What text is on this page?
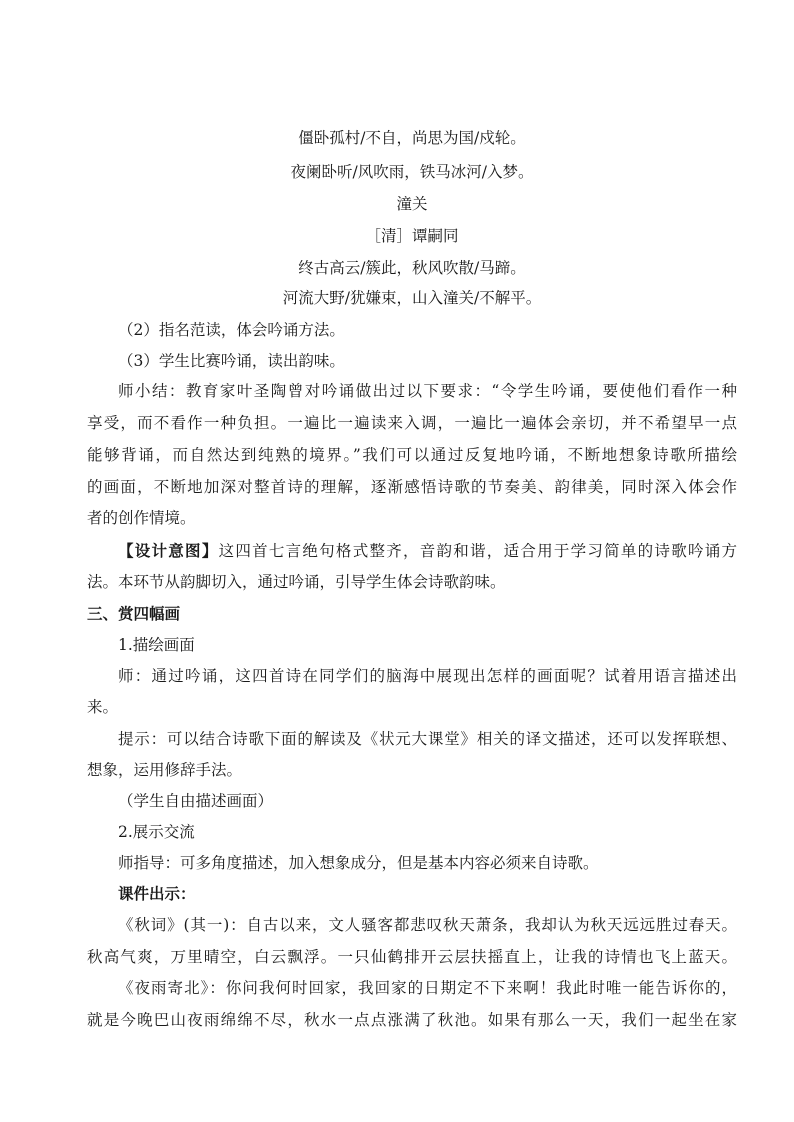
僵卧孤村/不自，尚思为国/戍轮。
夜阑卧听/风吹雨，铁马冰河/入梦。
潼关
［清］谭嗣同
终古高云/簇此，秋风吹散/马蹄。
河流大野/犹嫌束，山入潼关/不解平。
（2）指名范读，体会吟诵方法。
（3）学生比赛吟诵，读出韵味。
师小结：教育家叶圣陶曾对吟诵做出过以下要求：“令学生吟诵，要使他们看作一种
享受，而不看作一种负担。一遍比一遍读来入调，一遍比一遍体会亲切，并不希望早一点
能够背诵，而自然达到纯熟的境界。”我们可以通过反复地吟诵，不断地想象诗歌所描绘
的画面，不断地加深对整首诗的理解，逐渐感悟诗歌的节奏美、韵律美，同时深入体会作
者的创作情境。
【设计意图】这四首七言绝句格式整齐，音韵和谐，适合用于学习简单的诗歌吟诵方
法。本环节从韵脚切入，通过吟诵，引导学生体会诗歌韵味。
三、赏四幅画
1.描绘画面
师：通过吟诵，这四首诗在同学们的脑海中展现出怎样的画面呢？试着用语言描述出
来。
提示：可以结合诗歌下面的解读及《状元大课堂》相关的译文描述，还可以发挥联想、
想象，运用修辞手法。
（学生自由描述画面）
2.展示交流
师指导：可多角度描述，加入想象成分，但是基本内容必须来自诗歌。
课件出示：
《秋词》(其一)：自古以来，文人骚客都悲叹秋天萧条，我却认为秋天远远胜过春天。
秋高气爽，万里晴空，白云飘浮。一只仙鹤排开云层扶摇直上，让我的诗情也飞上蓝天。
《夜雨寄北》：你问我何时回家，我回家的日期定不下来啊！我此时唯一能告诉你的，
就是今晚巴山夜雨绵绵不尽，秋水一点点涨满了秋池。如果有那么一天，我们一起坐在家
